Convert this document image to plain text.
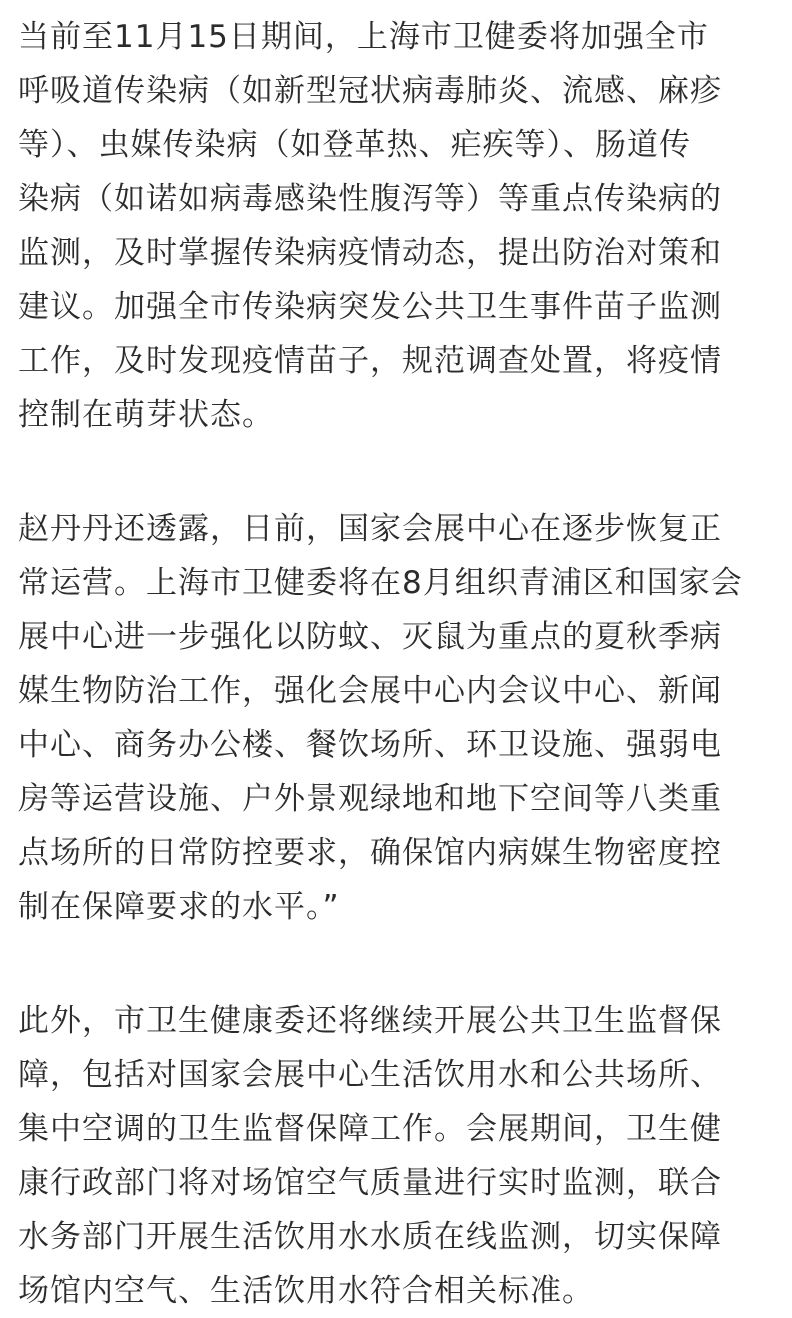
当前至11月15日期间，上海市卫健委将加强全市
呼吸道传染病（如新型冠状病毒肺炎、流感、麻疹
等）、虫媒传染病（如登革热、疟疾等）、肠道传
染病（如诺如病毒感染性腹泻等）等重点传染病的
监测，及时掌握传染病疫情动态，提出防治对策和
建议。加强全市传染病突发公共卫生事件苗子监测
工作，及时发现疫情苗子，规范调查处置，将疫情
控制在萌芽状态。

赵丹丹还透露，日前，国家会展中心在逐步恢复正
常运营。上海市卫健委将在8月组织青浦区和国家会
展中心进一步强化以防蚊、灭鼠为重点的夏秋季病
媒生物防治工作，强化会展中心内会议中心、新闻
中心、商务办公楼、餐饮场所、环卫设施、强弱电
房等运营设施、户外景观绿地和地下空间等八类重
点场所的日常防控要求，确保馆内病媒生物密度控
制在保障要求的水平。”

此外，市卫生健康委还将继续开展公共卫生监督保
障，包括对国家会展中心生活饮用水和公共场所、
集中空调的卫生监督保障工作。会展期间，卫生健
康行政部门将对场馆空气质量进行实时监测，联合
水务部门开展生活饮用水水质在线监测，切实保障
场馆内空气、生活饮用水符合相关标准。
